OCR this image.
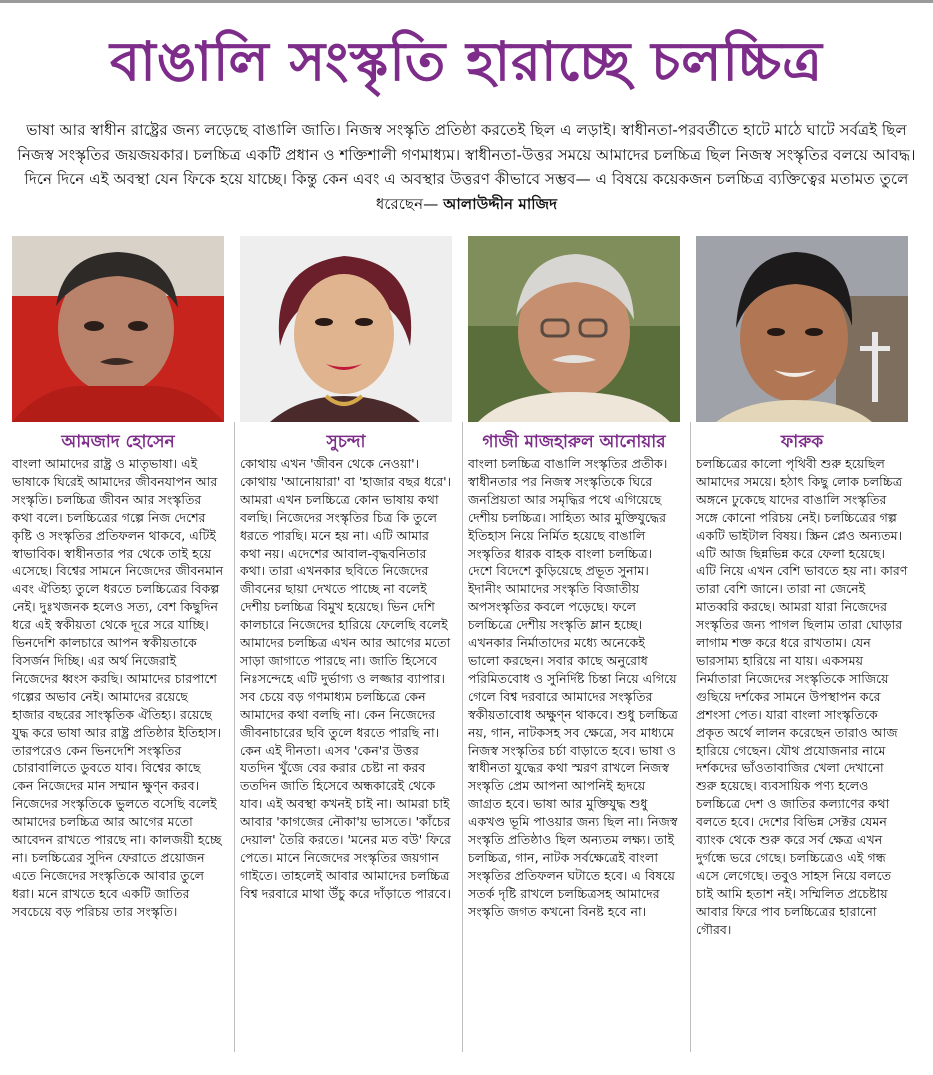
বাঙালি সংস্কৃতি হারাচ্ছে চলচ্চিত্র
ভাষা আর স্বাধীন রাষ্ট্রের জন্য লড়েছে বাঙালি জাতি। নিজস্ব সংস্কৃতি প্রতিষ্ঠা করতেই ছিল এ লড়াই। স্বাধীনতা-পরবর্তীতে হাটে মাঠে ঘাটে সর্বত্রই ছিল নিজস্ব সংস্কৃতির জয়জয়কার। চলচ্চিত্র একটি প্রধান ও শক্তিশালী গণমাধ্যম। স্বাধীনতা-উত্তর সময়ে আমাদের চলচ্চিত্র ছিল নিজস্ব সংস্কৃতির বলয়ে আবদ্ধ। দিনে দিনে এই অবস্থা যেন ফিকে হয়ে যাচ্ছে। কিন্তু কেন এবং এ অবস্থার উত্তরণ কীভাবে সম্ভব— এ বিষয়ে কয়েকজন চলচ্চিত্র ব্যক্তিত্বের মতামত তুলে ধরেছেন— আলাউদ্দীন মাজিদ
আমজাদ হোসেন
বাংলা আমাদের রাষ্ট্র ও মাতৃভাষা। এই ভাষাকে ঘিরেই আমাদের জীবনযাপন আর সংস্কৃতি। চলচ্চিত্র জীবন আর সংস্কৃতির কথা বলে। চলচ্চিত্রের গল্পে নিজ দেশের কৃষ্টি ও সংস্কৃতির প্রতিফলন থাকবে, এটিই স্বাভাবিক। স্বাধীনতার পর থেকে তাই হয়ে এসেছে। বিশ্বের সামনে নিজেদের জীবনমান এবং ঐতিহ্য তুলে ধরতে চলচ্চিত্রের বিকল্প নেই। দুঃখজনক হলেও সত্য, বেশ কিছুদিন ধরে এই স্বকীয়তা থেকে দূরে সরে যাচ্ছি। ভিনদেশি কালচারে আপন স্বকীয়তাকে বিসর্জন দিচ্ছি। এর অর্থ নিজেরাই নিজেদের ধ্বংস করছি। আমাদের চারপাশে গল্পের অভাব নেই। আমাদের রয়েছে হাজার বছরের সাংস্কৃতিক ঐতিহ্য। রয়েছে যুদ্ধ করে ভাষা আর রাষ্ট্র প্রতিষ্ঠার ইতিহাস। তারপরেও কেন ভিনদেশি সংস্কৃতির চোরাবালিতে ডুবতে যাব। বিশ্বের কাছে কেন নিজেদের মান সম্মান ক্ষুণ্ন করব। নিজেদের সংস্কৃতিকে ভুলতে বসেছি বলেই আমাদের চলচ্চিত্র আর আগের মতো আবেদন রাখতে পারছে না। কালজয়ী হচ্ছে না। চলচ্চিত্রের সুদিন ফেরাতে প্রয়োজন এতে নিজেদের সংস্কৃতিকে আবার তুলে ধরা। মনে রাখতে হবে একটি জাতির সবচেয়ে বড় পরিচয় তার সংস্কৃতি।
সুচন্দা
কোথায় এখন 'জীবন থেকে নেওয়া'। কোথায় 'আনোয়ারা' বা 'হাজার বছর ধরে'। আমরা এখন চলচ্চিত্রে কোন ভাষায় কথা বলছি। নিজেদের সংস্কৃতির চিত্র কি তুলে ধরতে পারছি। মনে হয় না। এটি আমার কথা নয়। এদেশের আবাল-বৃদ্ধবনিতার কথা। তারা এখনকার ছবিতে নিজেদের জীবনের ছায়া দেখতে পাচ্ছে না বলেই দেশীয় চলচ্চিত্র বিমুখ হয়েছে। ভিন দেশি কালচারে নিজেদের হারিয়ে ফেলেছি বলেই আমাদের চলচ্চিত্র এখন আর আগের মতো সাড়া জাগাতে পারছে না। জাতি হিসেবে নিঃসন্দেহে এটি দুর্ভাগ্য ও লজ্জার ব্যাপার। সব চেয়ে বড় গণমাধ্যম চলচ্চিত্রে কেন আমাদের কথা বলছি না। কেন নিজেদের জীবনাচারের ছবি তুলে ধরতে পারছি না। কেন এই দীনতা। এসব 'কেন'র উত্তর যতদিন খুঁজে বের করার চেষ্টা না করব ততদিন জাতি হিসেবে অন্ধকারেই থেকে যাব। এই অবস্থা কখনই চাই না। আমরা চাই আবার 'কাগজের নৌকা'য় ভাসতে। 'কাঁচের দেয়াল' তৈরি করতে। 'মনের মত বউ' ফিরে পেতে। মানে নিজেদের সংস্কৃতির জয়গান গাইতে। তাহলেই আবার আমাদের চলচ্চিত্র বিশ্ব দরবারে মাথা উঁচু করে দাঁড়াতে পারবে।
গাজী মাজহারুল আনোয়ার
বাংলা চলচ্চিত্র বাঙালি সংস্কৃতির প্রতীক। স্বাধীনতার পর নিজস্ব সংস্কৃতিকে ঘিরে জনপ্রিয়তা আর সমৃদ্ধির পথে এগিয়েছে দেশীয় চলচ্চিত্র। সাহিত্য আর মুক্তিযুদ্ধের ইতিহাস নিয়ে নির্মিত হয়েছে বাঙালি সংস্কৃতির ধারক বাহক বাংলা চলচ্চিত্র। দেশে বিদেশে কুড়িয়েছে প্রভূত সুনাম। ইদানীং আমাদের সংস্কৃতি বিজাতীয় অপসংস্কৃতির কবলে পড়েছে। ফলে চলচ্চিত্রে দেশীয় সংস্কৃতি ম্লান হচ্ছে। এখনকার নির্মাতাদের মধ্যে অনেকেই ভালো করছেন। সবার কাছে অনুরোধ পরিমিতবোধ ও সুনির্দিষ্ট চিন্তা নিয়ে এগিয়ে গেলে বিশ্ব দরবারে আমাদের সংস্কৃতির স্বকীয়তাবোধ অক্ষুণ্ন থাকবে। শুধু চলচ্চিত্র নয়, গান, নাটকসহ সব ক্ষেত্রে, সব মাধ্যমে নিজস্ব সংস্কৃতির চর্চা বাড়াতে হবে। ভাষা ও স্বাধীনতা যুদ্ধের কথা স্মরণ রাখলে নিজস্ব সংস্কৃতি প্রেম আপনা আপনিই হৃদয়ে জাগ্রত হবে। ভাষা আর মুক্তিযুদ্ধ শুধু একখণ্ড ভূমি পাওয়ার জন্য ছিল না। নিজস্ব সংস্কৃতি প্রতিষ্ঠাও ছিল অন্যতম লক্ষ্য। তাই চলচ্চিত্র, গান, নাটক সর্বক্ষেত্রেই বাংলা সংস্কৃতির প্রতিফলন ঘটাতে হবে। এ বিষয়ে সতর্ক দৃষ্টি রাখলে চলচ্চিত্রসহ আমাদের সংস্কৃতি জগত কখনো বিনষ্ট হবে না।
ফারুক
চলচ্চিত্রের কালো পৃথিবী শুরু হয়েছিল আমাদের সময়ে। হঠাৎ কিছু লোক চলচ্চিত্র অঙ্গনে ঢুকেছে যাদের বাঙালি সংস্কৃতির সঙ্গে কোনো পরিচয় নেই। চলচ্চিত্রের গল্প একটি ভাইটাল বিষয়। স্ক্রিন প্লেও অন্যতম। এটি আজ ছিন্নভিন্ন করে ফেলা হয়েছে। এটি নিয়ে এখন বেশি ভাবতে হয় না। কারণ তারা বেশি জানে। তারা না জেনেই মাতব্বরি করছে। আমরা যারা নিজেদের সংস্কৃতির জন্য পাগল ছিলাম তারা ঘোড়ার লাগাম শক্ত করে ধরে রাখতাম। যেন ভারসাম্য হারিয়ে না যায়। একসময় নির্মাতারা নিজেদের সংস্কৃতিকে সাজিয়ে গুছিয়ে দর্শকের সামনে উপস্থাপন করে প্রশংসা পেত। যারা বাংলা সাংস্কৃতিকে প্রকৃত অর্থে লালন করেছেন তারাও আজ হারিয়ে গেছেন। যৌথ প্রযোজনার নামে দর্শকদের ভাঁওতাবাজির খেলা দেখানো শুরু হয়েছে। ব্যবসায়িক পণ্য হলেও চলচ্চিত্রে দেশ ও জাতির কল্যাণের কথা বলতে হবে। দেশের বিভিন্ন সেক্টর যেমন ব্যাংক থেকে শুরু করে সর্ব ক্ষেত্র এখন দুর্গন্ধে ভরে গেছে। চলচ্চিত্রেও এই গন্ধ এসে লেগেছে। তবুও সাহস নিয়ে বলতে চাই আমি হতাশ নই। সম্মিলিত প্রচেষ্টায় আবার ফিরে পাব চলচ্চিত্রের হারানো গৌরব।
